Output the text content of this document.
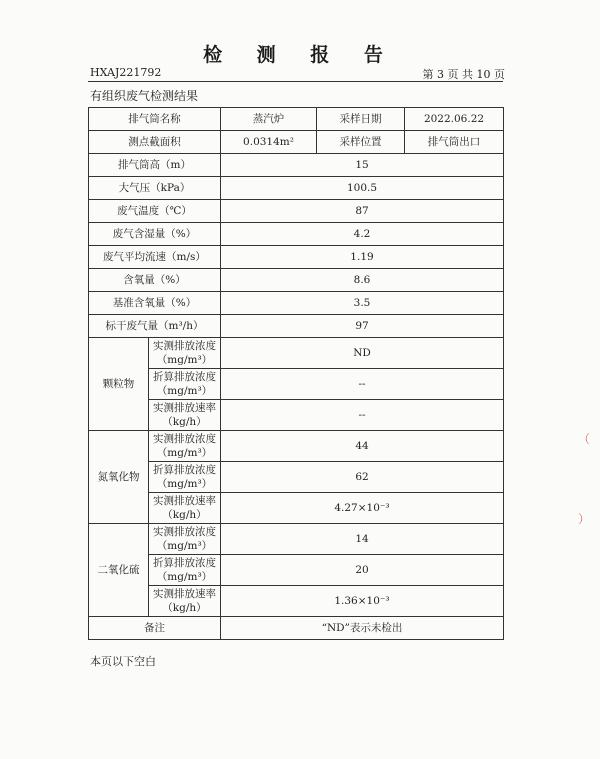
检 测 报 告
HXAJ221792	第 3 页 共 10 页
有组织废气检测结果
排气筒名称		蒸汽炉	采样日期	2022.06.22
测点截面积		0.0314m²	采样位置	排气筒出口
排气筒高（m）		15		
大气压（kPa）		100.5		
废气温度（℃）		87		
废气含湿量（%）		4.2		
废气平均流速（m/s）		1.19		
含氧量（%）		8.6		
基准含氧量（%）		3.5		
标干废气量（m³/h）		97		
颗粒物	实测排放浓度
（mg/m³）	ND		

	折算排放浓度
（mg/m³）	--		

	实测排放速率
（kg/h）	--		
氮氧化物	实测排放浓度
（mg/m³）	44		

	折算排放浓度
（mg/m³）	62		

	实测排放速率
（kg/h）	4.27×10⁻³		
二氧化硫	实测排放浓度
（mg/m³）	14		

	折算排放浓度
（mg/m³）	20		

	实测排放速率
（kg/h）	1.36×10⁻³		
备注		“ND”表示未检出		
本页以下空白
（
）
